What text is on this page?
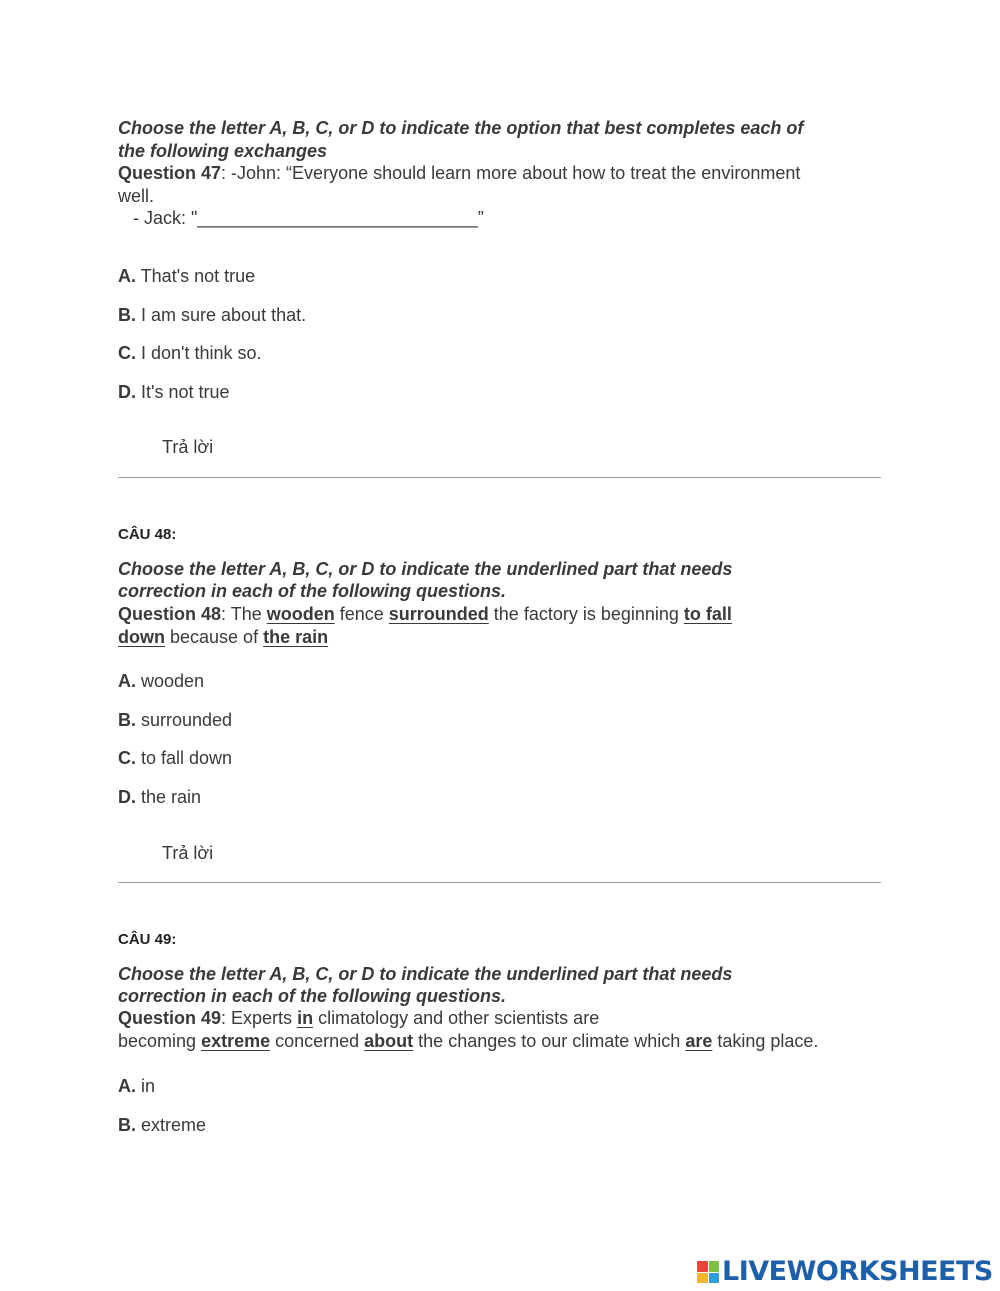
Choose the letter A, B, C, or D to indicate the option that best completes each of
the following exchanges
Question 47: -John: “Everyone should learn more about how to treat the environment
well.
- Jack: "____________________________”
A. That's not true
B. I am sure about that.
C. I don't think so.
D. It's not true
Trả lời
CÂU 48:
Choose the letter A, B, C, or D to indicate the underlined part that needs
correction in each of the following questions.
Question 48: The wooden fence surrounded the factory is beginning to fall
down because of the rain
A. wooden
B. surrounded
C. to fall down
D. the rain
Trả lời
CÂU 49:
Choose the letter A, B, C, or D to indicate the underlined part that needs
correction in each of the following questions.
Question 49: Experts in climatology and other scientists are
becoming extreme concerned about the changes to our climate which are taking place.
A. in
B. extreme
LIVEWORKSHEETS
